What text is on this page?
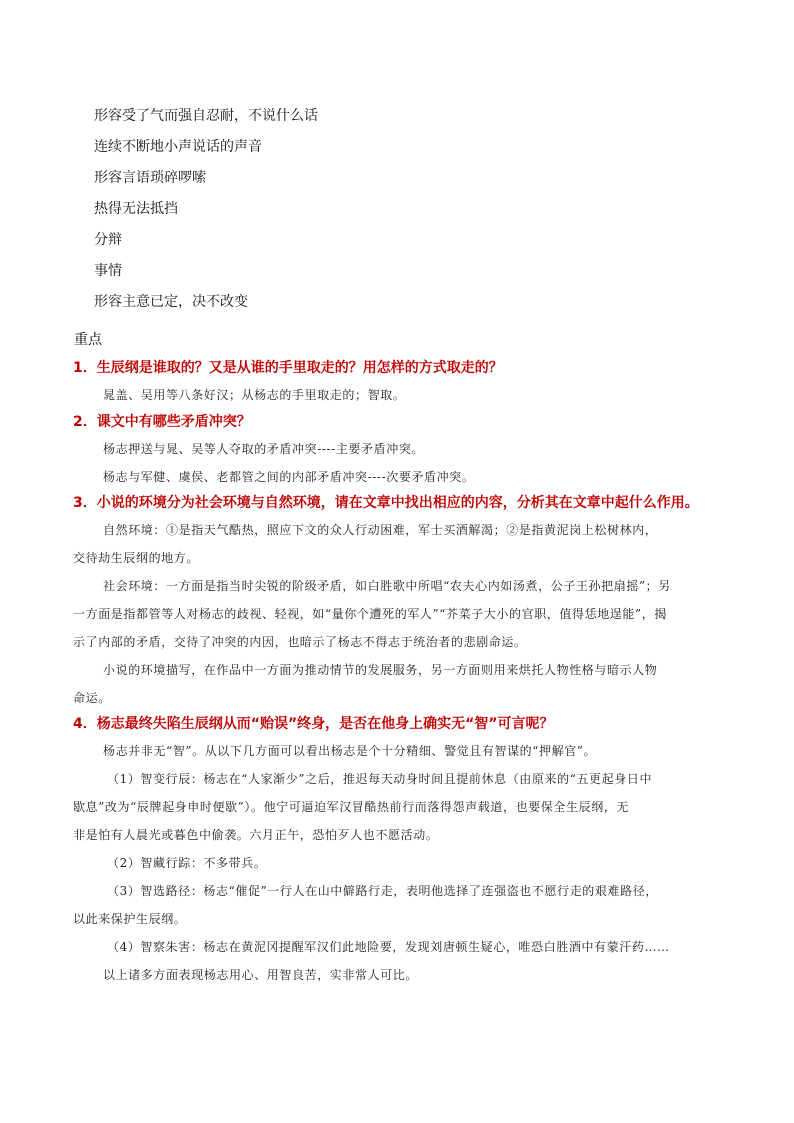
形容受了气而强自忍耐，不说什么话
连续不断地小声说话的声音
形容言语琐碎啰嗦
热得无法抵挡
分辩
事情
形容主意已定，决不改变
重点
1．生辰纲是谁取的？又是从谁的手里取走的？用怎样的方式取走的？
晁盖、吴用等八条好汉；从杨志的手里取走的；智取。
2．课文中有哪些矛盾冲突？
杨志押送与晁、吴等人夺取的矛盾冲突----主要矛盾冲突。
杨志与军健、虞侯、老都管之间的内部矛盾冲突----次要矛盾冲突。
3．小说的环境分为社会环境与自然环境，请在文章中找出相应的内容，分析其在文章中起什么作用。
自然环境：①是指天气酷热，照应下文的众人行动困难，军士买酒解渴；②是指黄泥岗上松树林内，
交待劫生辰纲的地方。
社会环境：一方面是指当时尖锐的阶级矛盾，如白胜歌中所唱“农夫心内如汤煮，公子王孙把扇摇”；另
一方面是指都管等人对杨志的歧视、轻视，如“量你个遭死的军人”“芥菜子大小的官职，值得恁地逞能”，揭
示了内部的矛盾，交待了冲突的内因，也暗示了杨志不得志于统治者的悲剧命运。
小说的环境描写，在作品中一方面为推动情节的发展服务，另一方面则用来烘托人物性格与暗示人物
命运。
4．杨志最终失陷生辰纲从而“贻误”终身，是否在他身上确实无“智”可言呢？
杨志并非无“智”。从以下几方面可以看出杨志是个十分精细、警觉且有智谋的“押解官”。
（1）智变行辰：杨志在“人家渐少”之后，推迟每天动身时间且提前休息（由原来的“五更起身日中
歇息”改为“辰牌起身申时便歇”）。他宁可逼迫军汉冒酷热前行而落得怨声载道，也要保全生辰纲，无
非是怕有人晨光或暮色中偷袭。六月正午，恐怕歹人也不愿活动。
（2）智藏行踪：不多带兵。
（3）智选路径：杨志“催促”一行人在山中僻路行走，表明他选择了连强盗也不愿行走的艰难路径，
以此来保护生辰纲。
（4）智察朱害：杨志在黄泥冈提醒军汉们此地险要，发现刘唐顿生疑心，唯恐白胜酒中有蒙汗药……
以上诸多方面表现杨志用心、用智良苦，实非常人可比。
